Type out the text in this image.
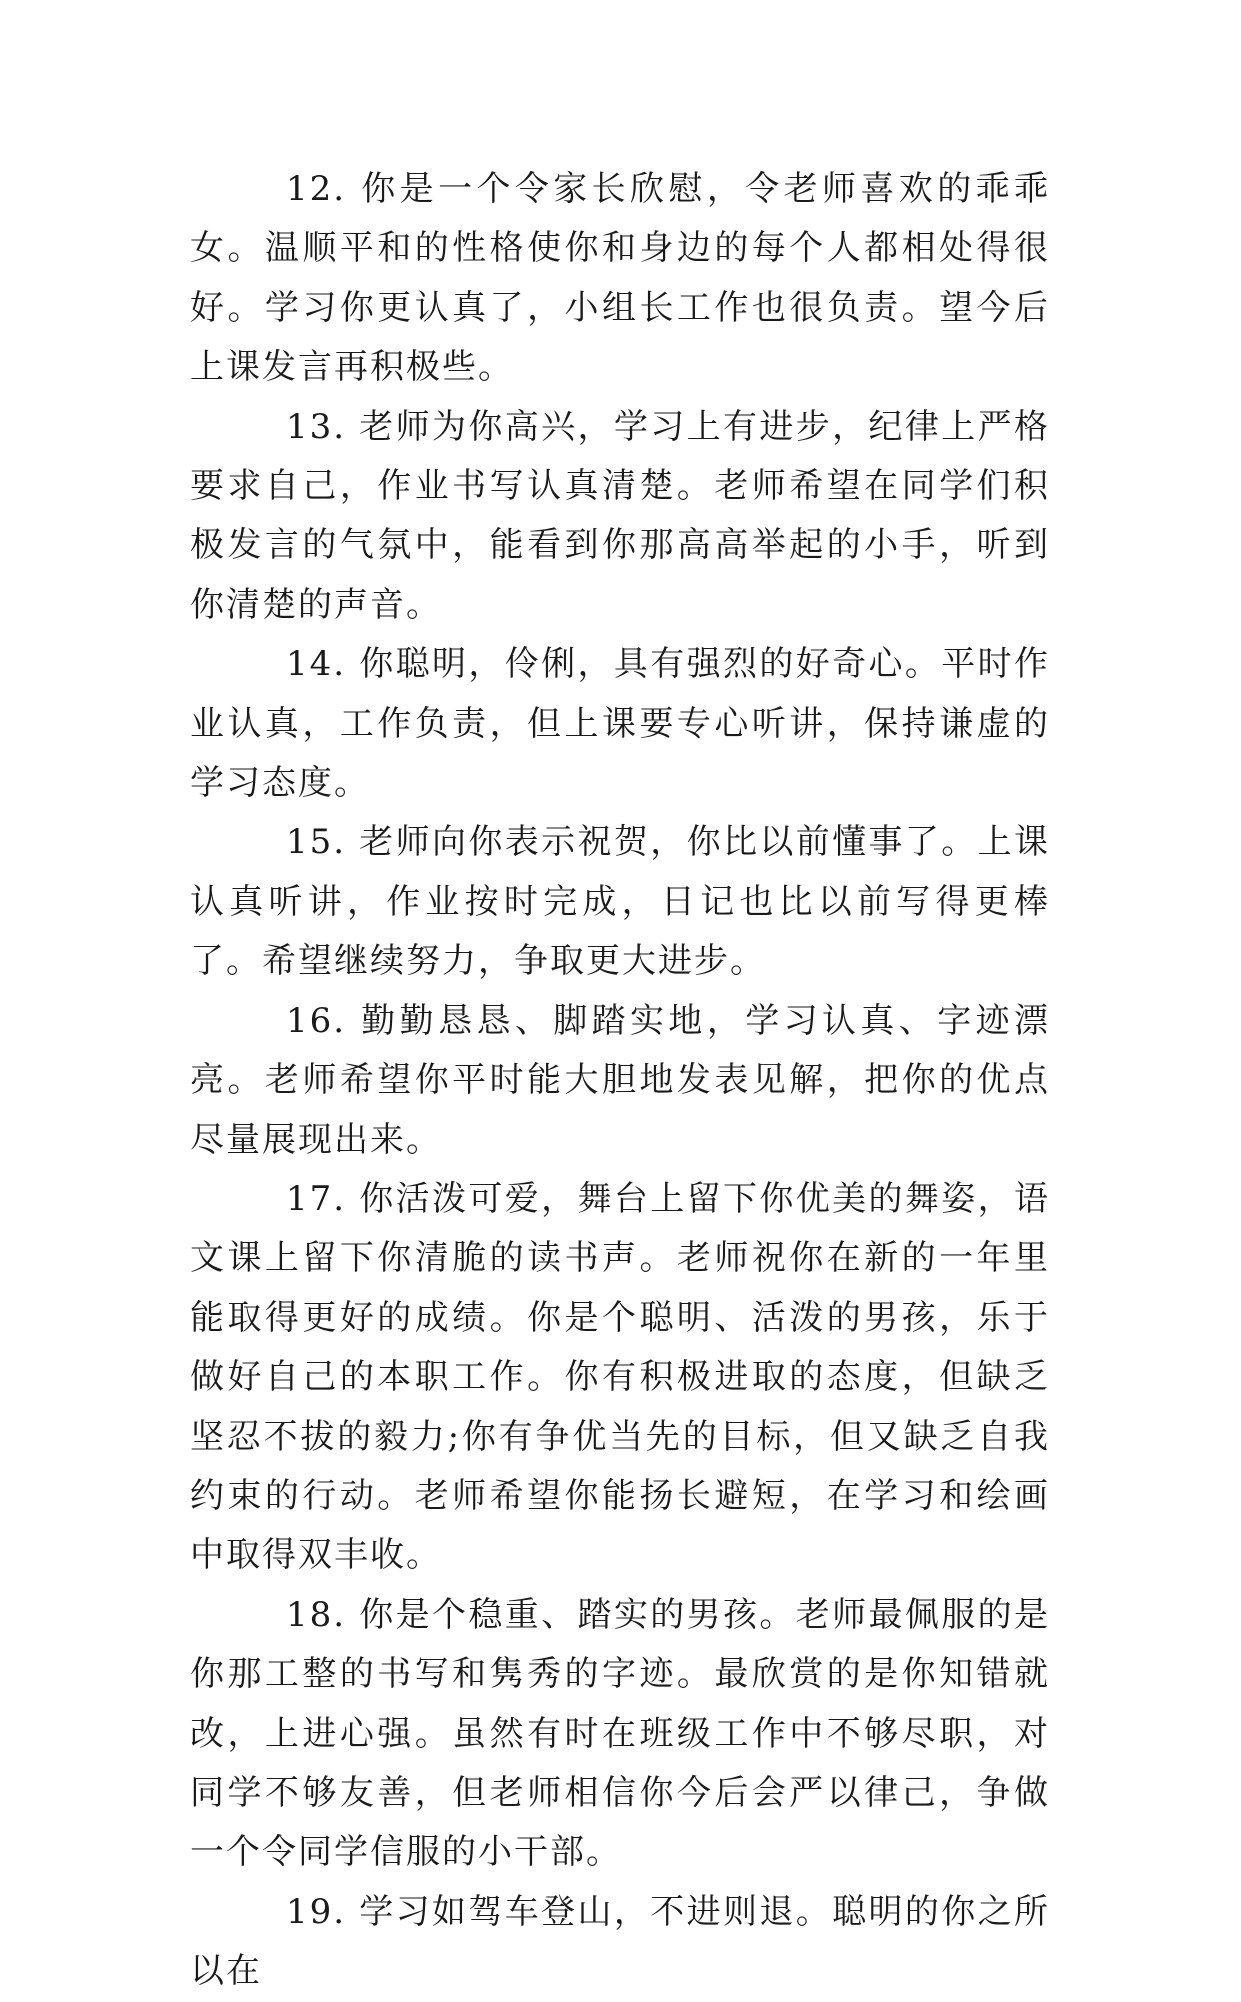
12. 你是一个令家长欣慰，令老师喜欢的乖乖女。温顺平和的性格使你和身边的每个人都相处得很好。学习你更认真了，小组长工作也很负责。望今后上课发言再积极些。

13. 老师为你高兴，学习上有进步，纪律上严格要求自己，作业书写认真清楚。老师希望在同学们积极发言的气氛中，能看到你那高高举起的小手，听到你清楚的声音。

14. 你聪明，伶俐，具有强烈的好奇心。平时作业认真，工作负责，但上课要专心听讲，保持谦虚的学习态度。

15. 老师向你表示祝贺，你比以前懂事了。上课认真听讲，作业按时完成，日记也比以前写得更棒了。希望继续努力，争取更大进步。

16. 勤勤恳恳、脚踏实地，学习认真、字迹漂亮。老师希望你平时能大胆地发表见解，把你的优点尽量展现出来。

17. 你活泼可爱，舞台上留下你优美的舞姿，语文课上留下你清脆的读书声。老师祝你在新的一年里能取得更好的成绩。你是个聪明、活泼的男孩，乐于做好自己的本职工作。你有积极进取的态度，但缺乏坚忍不拔的毅力;你有争优当先的目标，但又缺乏自我约束的行动。老师希望你能扬长避短，在学习和绘画中取得双丰收。

18. 你是个稳重、踏实的男孩。老师最佩服的是你那工整的书写和隽秀的字迹。最欣赏的是你知错就改，上进心强。虽然有时在班级工作中不够尽职，对同学不够友善，但老师相信你今后会严以律己，争做一个令同学信服的小干部。

19. 学习如驾车登山，不进则退。聪明的你之所以在
